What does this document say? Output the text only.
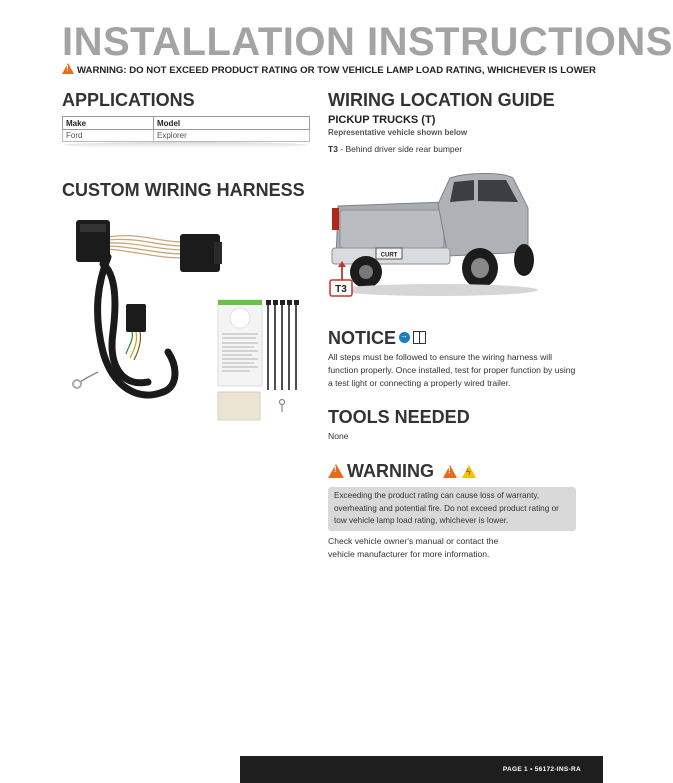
INSTALLATION INSTRUCTIONS
!WARNING: DO NOT EXCEED PRODUCT RATING OR TOW VEHICLE LAMP LOAD RATING, WHICHEVER IS LOWER
APPLICATIONS
Make	Model
Ford	Explorer
CUSTOM WIRING HARNESS
WIRING LOCATION GUIDE
PICKUP TRUCKS (T)
Representative vehicle shown below
T3 - Behind driver side rear bumper
CURT
T3
NOTICE→
All steps must be followed to ensure the wiring harness will function properly. Once installed, test for proper function by using a test light or connecting a properly wired trailer.
TOOLS NEEDED
None
!WARNING !ϟ
Exceeding the product rating can cause loss of warranty, overheating and potential fire. Do not exceed product rating or tow vehicle lamp load rating, whichever is lower.
Check vehicle owner's manual or contact the vehicle manufacturer for more information.
PAGE 1 • 56172-INS-RA
